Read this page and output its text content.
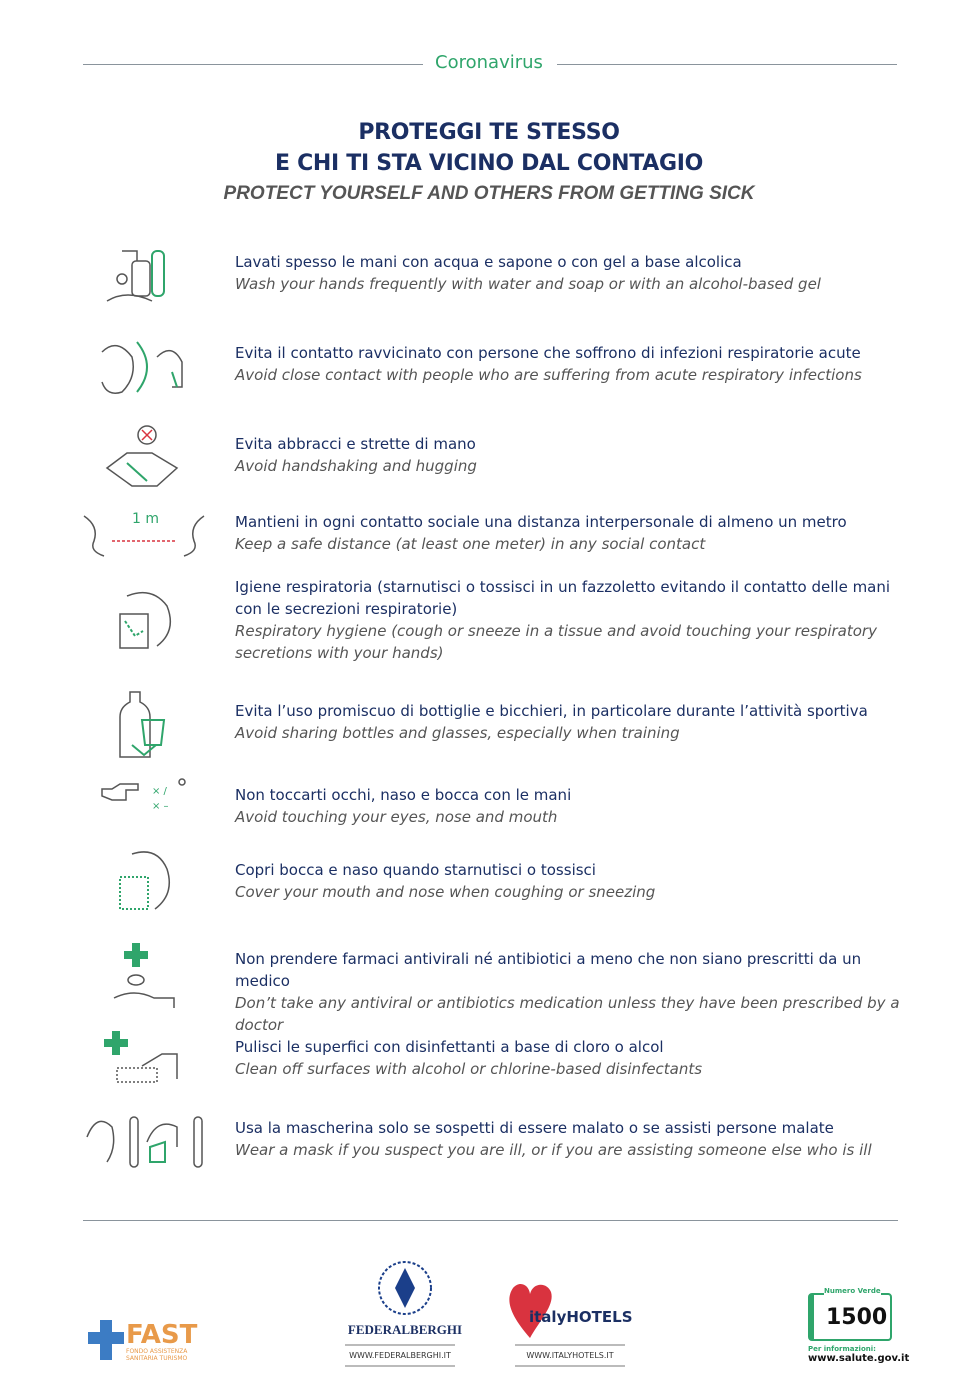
Coronavirus
PROTEGGI TE STESSO
E CHI TI STA VICINO DAL CONTAGIO
PROTECT YOURSELF AND OTHERS FROM GETTING SICK
Lavati spesso le mani con acqua e sapone o con gel a base alcolica
Wash your hands frequently with water and soap or with an alcohol-based gel
Evita il contatto ravvicinato con persone che soffrono di infezioni respiratorie acute
Avoid close contact with people who are suffering from acute respiratory infections
Evita abbracci e strette di mano
Avoid handshaking and hugging
1 m	Mantieni in ogni contatto sociale una distanza interpersonale di almeno un metro
Keep a safe distance (at least one meter) in any social contact
Igiene respiratoria (starnutisci o tossisci in un fazzoletto evitando il contatto delle mani con le secrezioni respiratorie)
Respiratory hygiene (cough or sneeze in a tissue and avoid touching your respiratory secretions with your hands)
Evita l’uso promiscuo di bottiglie e bicchieri, in particolare durante l’attività sportiva
Avoid sharing bottles and glasses, especially when training
× /
× –
Non toccarti occhi, naso e bocca con le mani
Avoid touching your eyes, nose and mouth
Copri bocca e naso quando starnutisci o tossisci
Cover your mouth and nose when coughing or sneezing
Non prendere farmaci antivirali né antibiotici a meno che non siano prescritti da un medico
Don’t take any antiviral or antibiotics medication unless they have been prescribed by a doctor
Pulisci le superfici con disinfettanti a base di cloro o alcol
Clean off surfaces with alcohol or chlorine-based disinfectants
Usa la mascherina solo se sospetti di essere malato o se assisti persone malate
Wear a mask if you suspect you are ill, or if you are assisting someone else who is ill
FAST
FONDO ASSISTENZA
SANITARIA TURISMO
FEDERALBERGHI
WWW.FEDERALBERGHI.IT
italyHOTELS
WWW.ITALYHOTELS.IT
Numero Verde
1500
Per informazioni:
www.salute.gov.it
